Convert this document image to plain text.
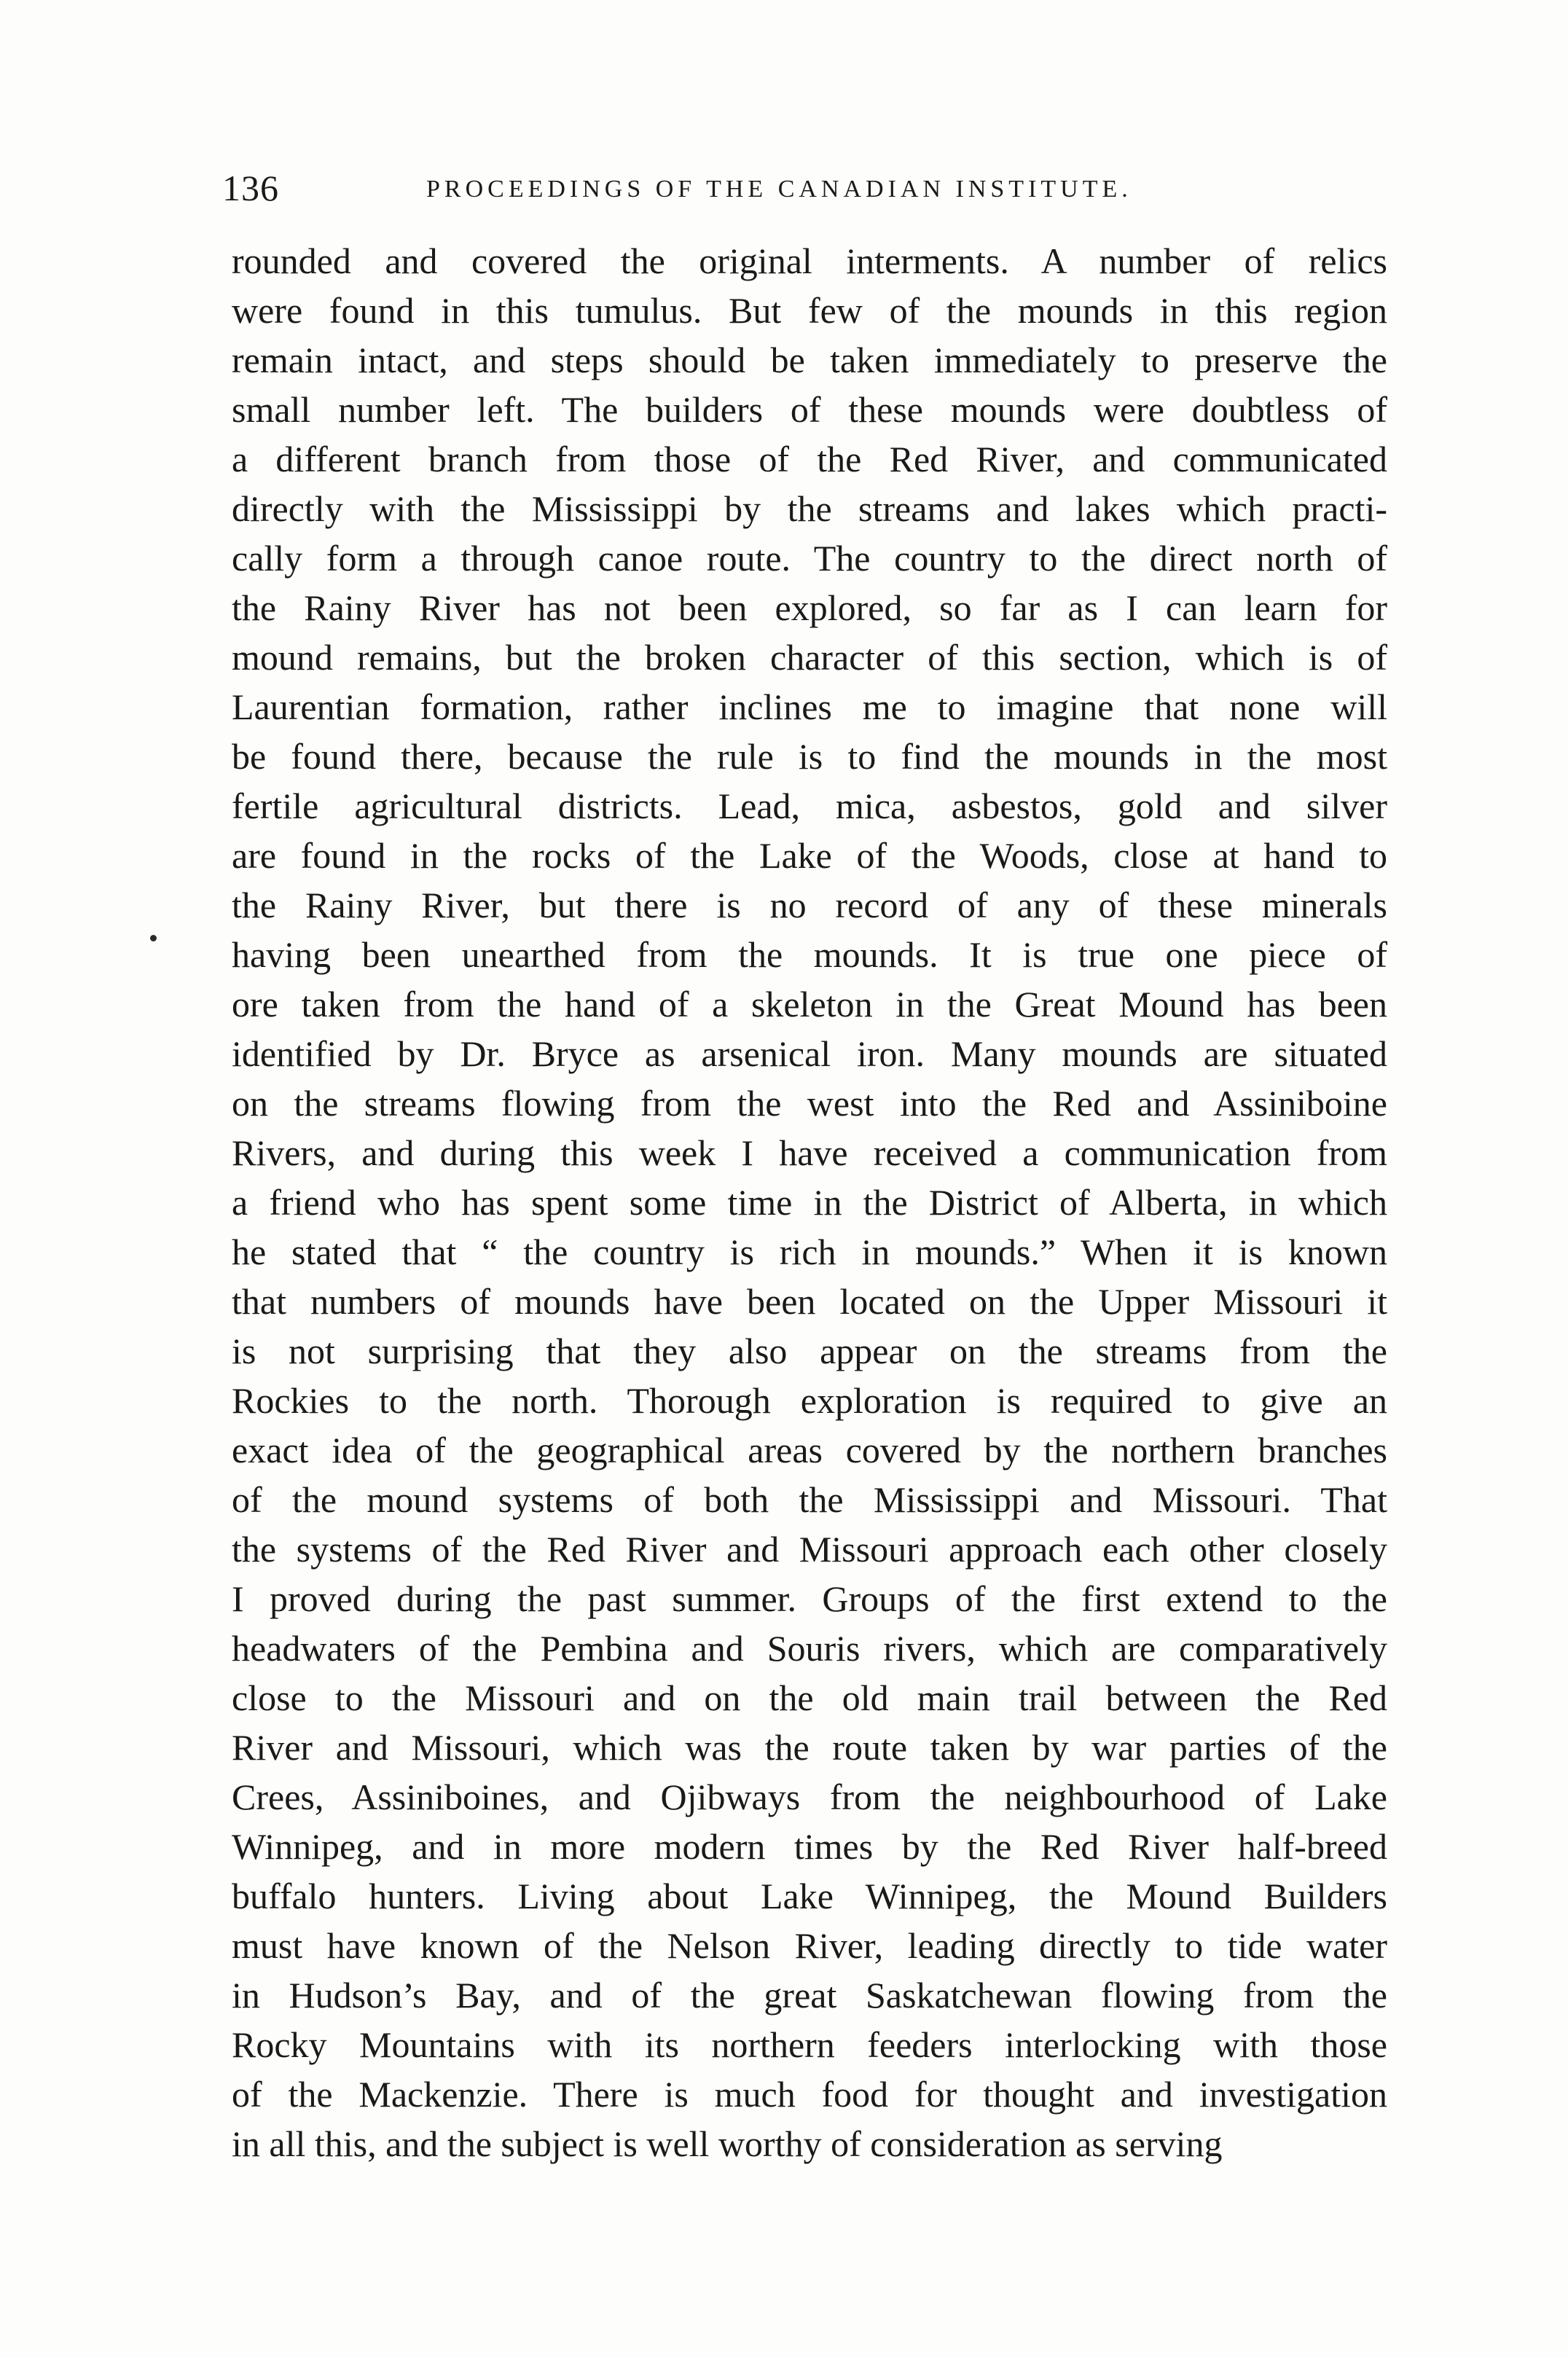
136	PROCEEDINGS OF THE CANADIAN INSTITUTE.
rounded and covered the original interments. A number of relics
were found in this tumulus. But few of the mounds in this region
remain intact, and steps should be taken immediately to preserve the
small number left. The builders of these mounds were doubtless of
a different branch from those of the Red River, and communicated
directly with the Mississippi by the streams and lakes which practi-
cally form a through canoe route. The country to the direct north of
the Rainy River has not been explored, so far as I can learn for
mound remains, but the broken character of this section, which is of
Laurentian formation, rather inclines me to imagine that none will
be found there, because the rule is to find the mounds in the most
fertile agricultural districts. Lead, mica, asbestos, gold and silver
are found in the rocks of the Lake of the Woods, close at hand to
the Rainy River, but there is no record of any of these minerals
having been unearthed from the mounds. It is true one piece of
ore taken from the hand of a skeleton in the Great Mound has been
identified by Dr. Bryce as arsenical iron. Many mounds are situated
on the streams flowing from the west into the Red and Assiniboine
Rivers, and during this week I have received a communication from
a friend who has spent some time in the District of Alberta, in which
he stated that “ the country is rich in mounds.” When it is known
that numbers of mounds have been located on the Upper Missouri it
is not surprising that they also appear on the streams from the
Rockies to the north. Thorough exploration is required to give an
exact idea of the geographical areas covered by the northern branches
of the mound systems of both the Mississippi and Missouri. That
the systems of the Red River and Missouri approach each other closely
I proved during the past summer. Groups of the first extend to the
headwaters of the Pembina and Souris rivers, which are comparatively
close to the Missouri and on the old main trail between the Red
River and Missouri, which was the route taken by war parties of the
Crees, Assiniboines, and Ojibways from the neighbourhood of Lake
Winnipeg, and in more modern times by the Red River half-breed
buffalo hunters. Living about Lake Winnipeg, the Mound Builders
must have known of the Nelson River, leading directly to tide water
in Hudson’s Bay, and of the great Saskatchewan flowing from the
Rocky Mountains with its northern feeders interlocking with those
of the Mackenzie. There is much food for thought and investigation
in all this, and the subject is well worthy of consideration as serving
